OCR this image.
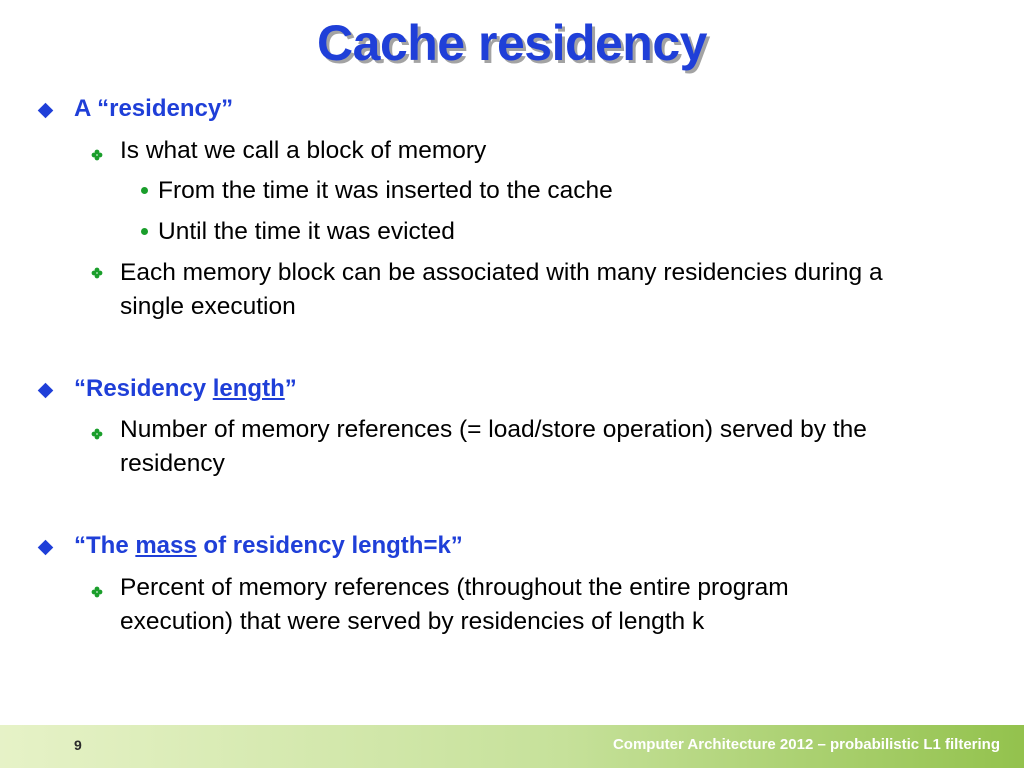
Cache residency
A “residency”
Is what we call a block of memory
From the time it was inserted to the cache
Until the time it was evicted
Each memory block can be associated with many residencies during a
single execution
“Residency length”
Number of memory references (= load/store operation) served by the
residency
“The mass of residency length=k”
Percent of memory references (throughout the entire program
execution) that were served by residencies of length k
9	Computer Architecture 2012 – probabilistic L1 filtering
